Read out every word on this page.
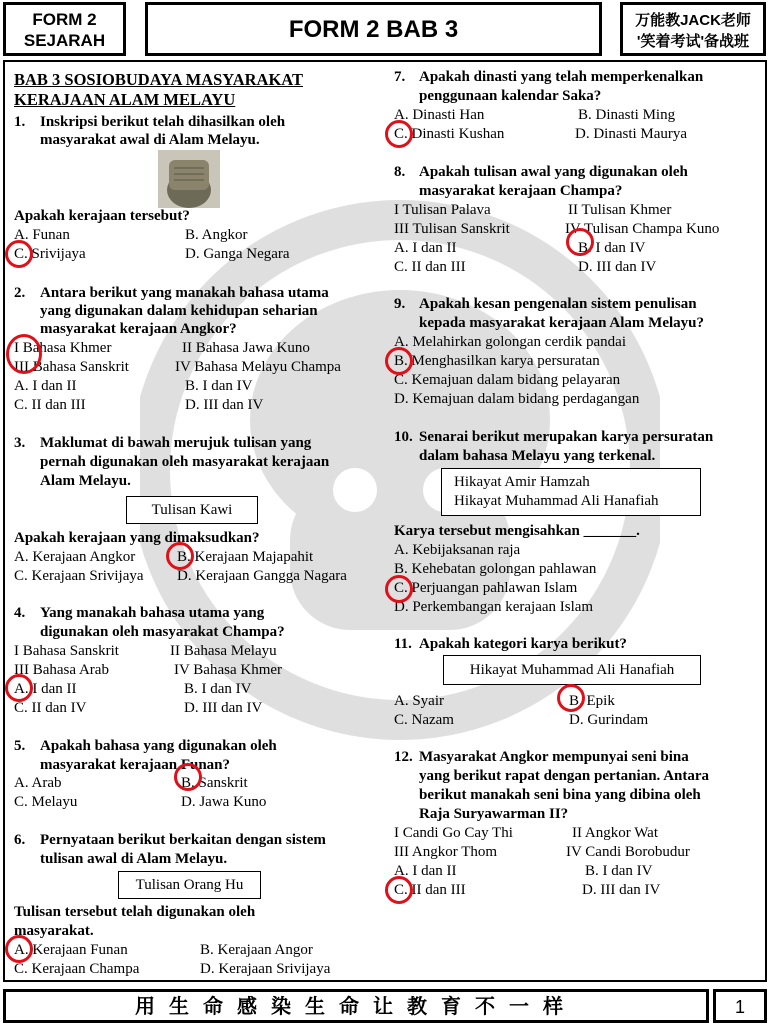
FORM 2
SEJARAH	FORM 2 BAB 3	万能教JACK老师
'笑着考试'备战班
BAB 3 SOSIOBUDAYA MASYARAKAT
KERAJAAN ALAM MELAYU
1. Inskripsi berikut telah dihasilkan oleh
masyarakat awal di Alam Melayu.
Apakah kerajaan tersebut?
A. Funan	B. Angkor
C. Srivijaya	D. Ganga Negara
2. Antara berikut yang manakah bahasa utama
yang digunakan dalam kehidupan seharian
masyarakat kerajaan Angkor?
I Bahasa Khmer	II Bahasa Jawa Kuno
III Bahasa Sanskrit	IV Bahasa Melayu Champa
A. I dan II	B. I dan IV
C. II dan III	D. III dan IV
3. Maklumat di bawah merujuk tulisan yang
pernah digunakan oleh masyarakat kerajaan
Alam Melayu.
Tulisan Kawi
Apakah kerajaan yang dimaksudkan?
A. Kerajaan Angkor	B. Kerajaan Majapahit
C. Kerajaan Srivijaya D. Kerajaan Gangga Nagara
4. Yang manakah bahasa utama yang
digunakan oleh masyarakat Champa?
I Bahasa Sanskrit	II Bahasa Melayu
III Bahasa Arab	IV Bahasa Khmer
A. I dan II	B. I dan IV
C. II dan IV	D. III dan IV
5. Apakah bahasa yang digunakan oleh
masyarakat kerajaan Funan?
A. Arab	B. Sanskrit
C. Melayu	D. Jawa Kuno
6. Pernyataan berikut berkaitan dengan sistem
tulisan awal di Alam Melayu.
Tulisan Orang Hu
Tulisan tersebut telah digunakan oleh
masyarakat.
A. Kerajaan Funan	B. Kerajaan Angor
C. Kerajaan Champa	D. Kerajaan Srivijaya
7. Apakah dinasti yang telah memperkenalkan
penggunaan kalendar Saka?
A. Dinasti Han	B. Dinasti Ming
C. Dinasti Kushan	D. Dinasti Maurya
8. Apakah tulisan awal yang digunakan oleh
masyarakat kerajaan Champa?
I Tulisan Palava	II Tulisan Khmer
III Tulisan Sanskrit	IV Tulisan Champa Kuno
A. I dan II	B. I dan IV
C. II dan III	D. III dan IV
9. Apakah kesan pengenalan sistem penulisan
kepada masyarakat kerajaan Alam Melayu?
A. Melahirkan golongan cerdik pandai
B. Menghasilkan karya persuratan
C. Kemajuan dalam bidang pelayaran
D. Kemajuan dalam bidang perdagangan
10. Senarai berikut merupakan karya persuratan
dalam bahasa Melayu yang terkenal.
Hikayat Amir Hamzah
Hikayat Muhammad Ali Hanafiah
Karya tersebut mengisahkan _______.
A. Kebijaksanan raja
B. Kehebatan golongan pahlawan
C. Perjuangan pahlawan Islam
D. Perkembangan kerajaan Islam
11. Apakah kategori karya berikut?
Hikayat Muhammad Ali Hanafiah
A. Syair	B. Epik
C. Nazam	D. Gurindam
12. Masyarakat Angkor mempunyai seni bina
yang berikut rapat dengan pertanian. Antara
berikut manakah seni bina yang dibina oleh
Raja Suryawarman II?
I Candi Go Cay Thi	II Angkor Wat
III Angkor Thom	IV Candi Borobudur
A. I dan II	B. I dan IV
C. II dan III	D. III dan IV
用生命感染生命让教育不一样	1
